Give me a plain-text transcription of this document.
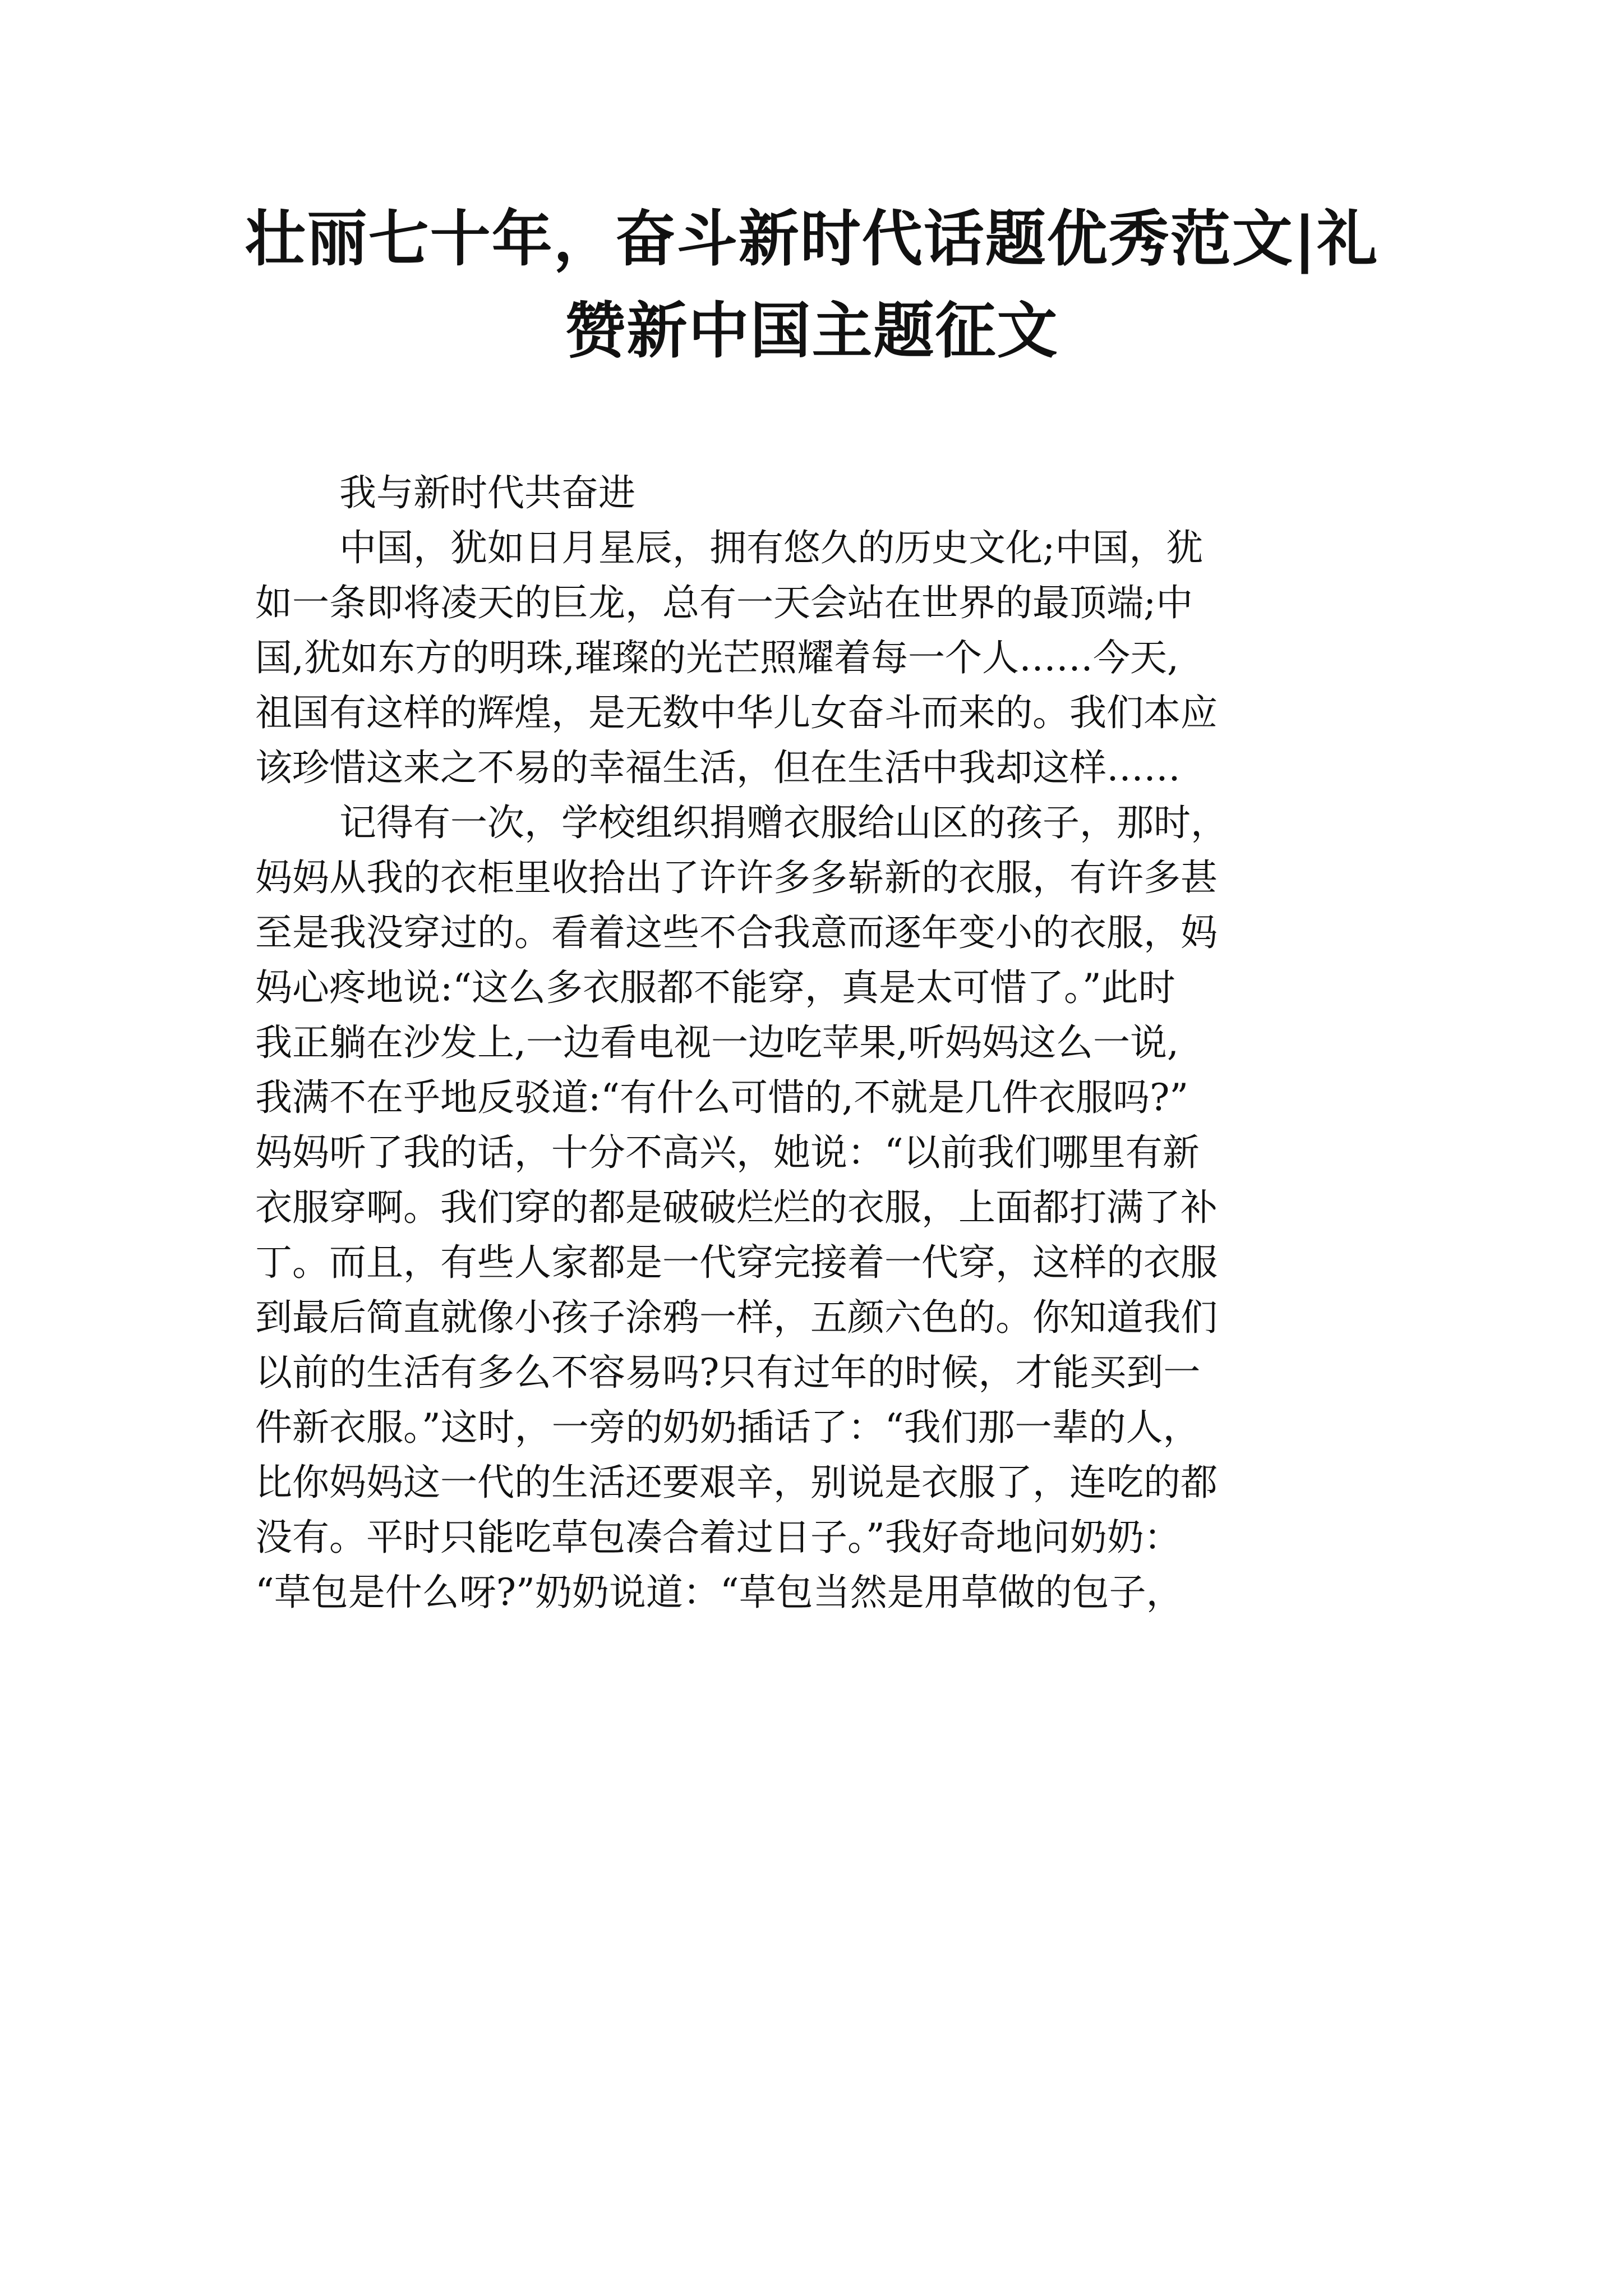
壮丽七十年，奋斗新时代话题优秀范文|礼
赞新中国主题征文
我与新时代共奋进
中国，犹如日月星辰，拥有悠久的历史文化;中国，犹
如一条即将凌天的巨龙，总有一天会站在世界的最顶端;中
国,犹如东方的明珠,璀璨的光芒照耀着每一个人……今天,
祖国有这样的辉煌，是无数中华儿女奋斗而来的。我们本应
该珍惜这来之不易的幸福生活，但在生活中我却这样……
记得有一次，学校组织捐赠衣服给山区的孩子，那时，
妈妈从我的衣柜里收拾出了许许多多崭新的衣服，有许多甚
至是我没穿过的。看着这些不合我意而逐年变小的衣服，妈
妈心疼地说:“这么多衣服都不能穿，真是太可惜了。”此时
我正躺在沙发上,一边看电视一边吃苹果,听妈妈这么一说,
我满不在乎地反驳道:“有什么可惜的,不就是几件衣服吗?”
妈妈听了我的话，十分不高兴，她说：“以前我们哪里有新
衣服穿啊。我们穿的都是破破烂烂的衣服，上面都打满了补
丁。而且，有些人家都是一代穿完接着一代穿，这样的衣服
到最后简直就像小孩子涂鸦一样，五颜六色的。你知道我们
以前的生活有多么不容易吗?只有过年的时候，才能买到一
件新衣服。”这时，一旁的奶奶插话了：“我们那一辈的人，
比你妈妈这一代的生活还要艰辛，别说是衣服了，连吃的都
没有。平时只能吃草包凑合着过日子。”我好奇地问奶奶：
“草包是什么呀?”奶奶说道：“草包当然是用草做的包子，
